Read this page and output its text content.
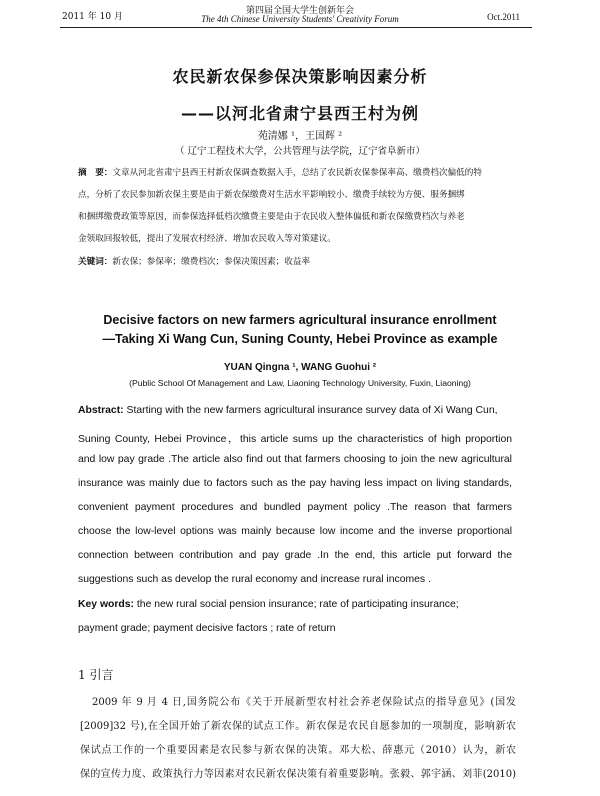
2011 年 10 月
第四届全国大学生创新年会
The 4th Chinese University Students' Creativity Forum	Oct.2011
农民新农保参保决策影响因素分析
——以河北省肃宁县西王村为例
苑清娜 ¹，王国辉 ²
（ 辽宁工程技术大学，公共管理与法学院，辽宁省阜新市）
摘　要：文章从河北省肃宁县西王村新农保调查数据入手，总结了农民新农保参保率高、缴费档次偏低的特
点，分析了农民参加新农保主要是由于新农保缴费对生活水平影响较小、缴费手续较为方便、服务捆绑
和捆绑缴费政策等原因，而参保选择低档次缴费主要是由于农民收入整体偏低和新农保缴费档次与养老
金领取回报较低，提出了发展农村经济、增加农民收入等对策建议。
关键词：新农保；参保率；缴费档次；参保决策因素；收益率
Decisive factors on new farmers agricultural insurance enrollment
—Taking Xi Wang Cun, Suning County, Hebei Province as example
YUAN Qingna ¹, WANG Guohui ²
(Public School Of Management and Law, Liaoning Technology University, Fuxin, Liaoning)
Abstract: Starting with the new farmers agricultural insurance survey data of Xi Wang Cun,
Suning County, Hebei Province，this article sums up the characteristics of high proportion
and low pay grade .The article also find out that farmers choosing to join the new agricultural
insurance was mainly due to factors such as the pay having less impact on living standards,
convenient payment procedures and bundled payment policy .The reason that farmers
choose the low-level options was mainly because low income and the inverse proportional
connection between contribution and pay grade .In the end, this article put forward the
suggestions such as develop the rural economy and increase rural incomes .
Key words: the new rural social pension insurance; rate of participating insurance;
payment grade; payment decisive factors ; rate of return
1 引言
2009 年 9 月 4 日,国务院公布《关于开展新型农村社会养老保险试点的指导意见》(国发
[2009]32 号),在全国开始了新农保的试点工作。新农保是农民自愿参加的一项制度，影响新农
保试点工作的一个重要因素是农民参与新农保的决策。邓大松、薛惠元（2010）认为，新农
保的宣传力度、政策执行力等因素对农民新农保决策有着重要影响。张毅、郭宇涵、刘菲(2010)
